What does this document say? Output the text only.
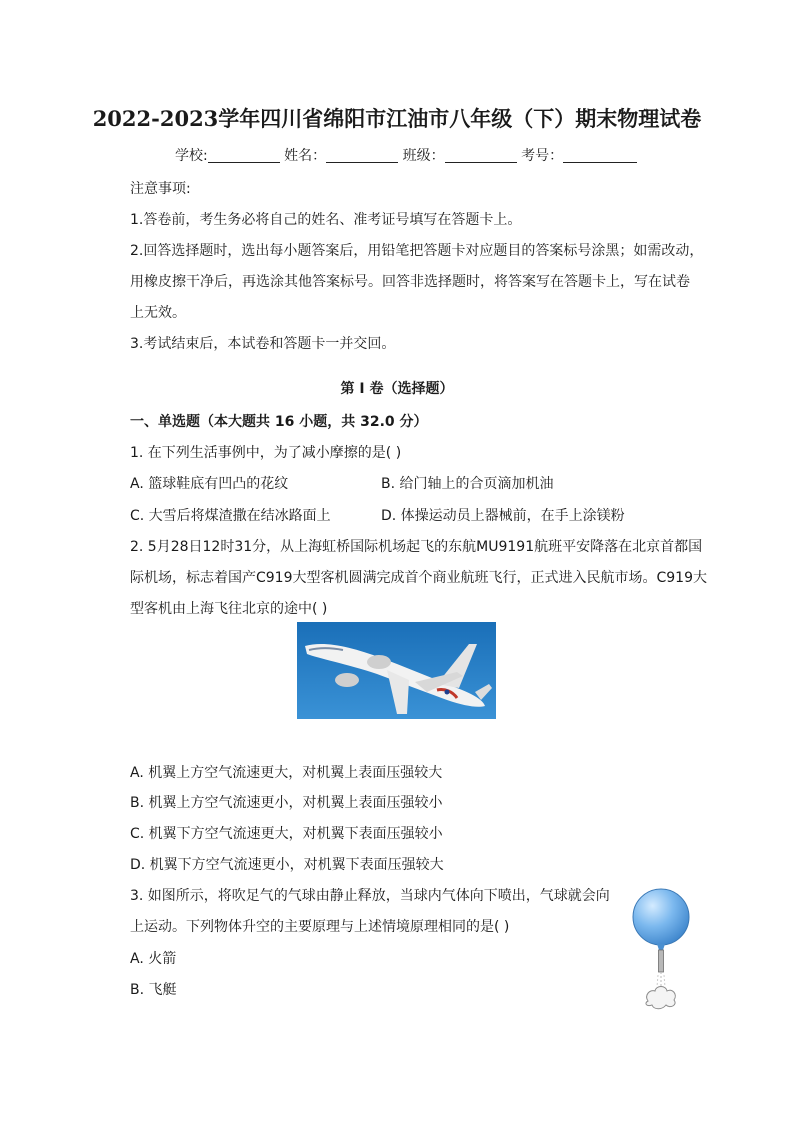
2022-2023学年四川省绵阳市江油市八年级（下）期末物理试卷
学校:	姓名：	班级：	考号：
注意事项:
1.答卷前，考生务必将自己的姓名、准考证号填写在答题卡上。
2.回答选择题时，选出每小题答案后，用铅笔把答题卡对应题目的答案标号涂黑；如需改动，
用橡皮擦干净后，再选涂其他答案标号。回答非选择题时，将答案写在答题卡上，写在试卷
上无效。
3.考试结束后，本试卷和答题卡一并交回。
第 I 卷（选择题）
一、单选题（本大题共 16 小题，共 32.0 分）
1. 在下列生活事例中，为了减小摩擦的是( )
A. 篮球鞋底有凹凸的花纹	B. 给门轴上的合页滴加机油
C. 大雪后将煤渣撒在结冰路面上	D. 体操运动员上器械前，在手上涂镁粉
2. 5月28日12时31分，从上海虹桥国际机场起飞的东航MU9191航班平安降落在北京首都国
际机场，标志着国产C919大型客机圆满完成首个商业航班飞行，正式进入民航市场。C919大
型客机由上海飞往北京的途中( )
A. 机翼上方空气流速更大，对机翼上表面压强较大
B. 机翼上方空气流速更小，对机翼上表面压强较小
C. 机翼下方空气流速更大，对机翼下表面压强较小
D. 机翼下方空气流速更小，对机翼下表面压强较大
3. 如图所示，将吹足气的气球由静止释放，当球内气体向下喷出，气球就会向
上运动。下列物体升空的主要原理与上述情境原理相同的是( )
A. 火箭
B. 飞艇
